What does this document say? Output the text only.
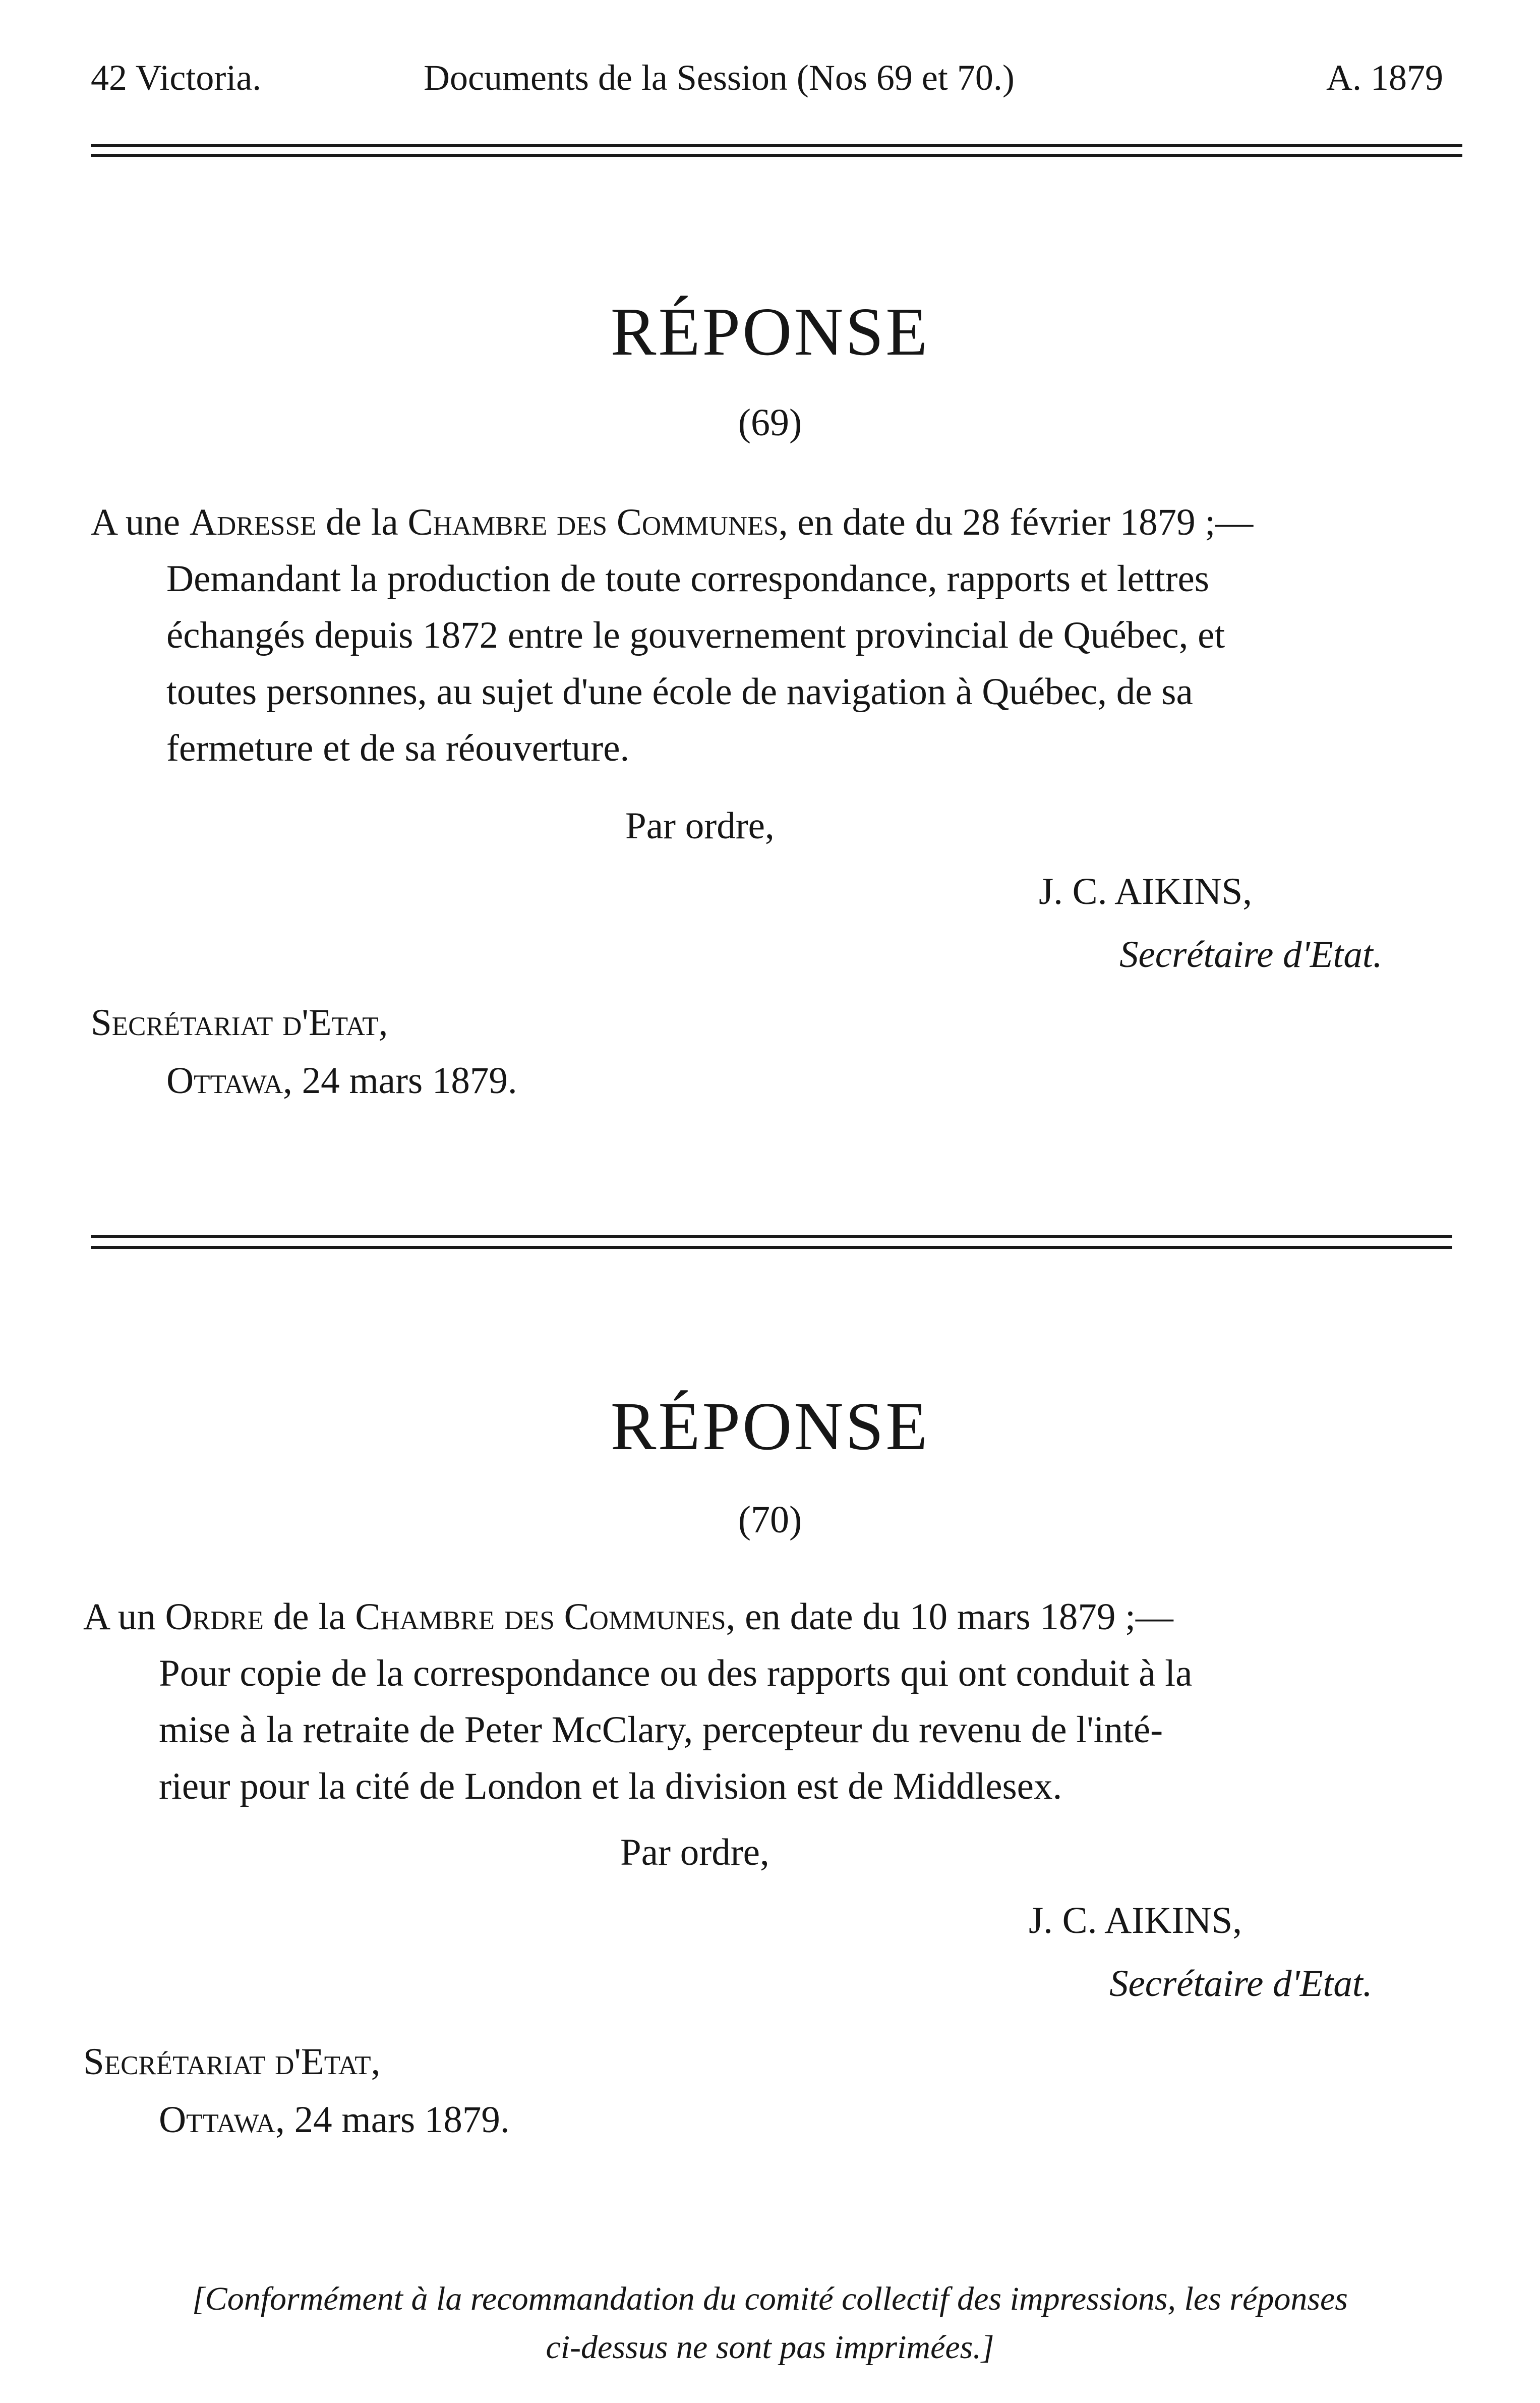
42 Victoria.	Documents de la Session (Nos 69 et 70.)	A. 1879
RÉPONSE
(69)
A une Adresse de la Chambre des Communes, en date du 28 février 1879 ;—
Demandant la production de toute correspondance, rapports et lettres
échangés depuis 1872 entre le gouvernement provincial de Québec, et
toutes personnes, au sujet d'une école de navigation à Québec, de sa
fermeture et de sa réouverture.
Par ordre,
J. C. AIKINS,
Secrétaire d'Etat.
Secrétariat d'Etat,
Ottawa, 24 mars 1879.
RÉPONSE
(70)
A un Ordre de la Chambre des Communes, en date du 10 mars 1879 ;—
Pour copie de la correspondance ou des rapports qui ont conduit à la
mise à la retraite de Peter McClary, percepteur du revenu de l'inté-
rieur pour la cité de London et la division est de Middlesex.
Par ordre,
J. C. AIKINS,
Secrétaire d'Etat.
Secrétariat d'Etat,
Ottawa, 24 mars 1879.
[Conformément à la recommandation du comité collectif des impressions, les réponses
ci-dessus ne sont pas imprimées.]
